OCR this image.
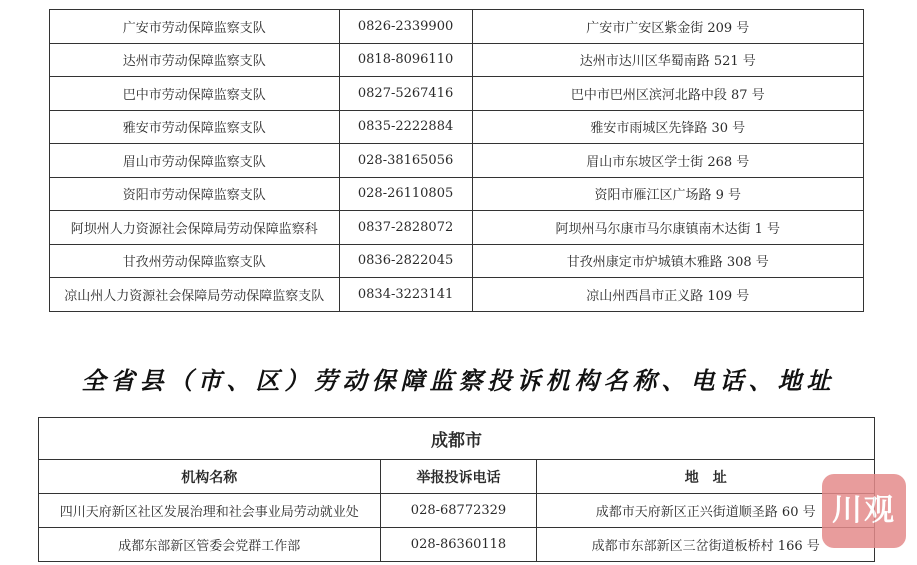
广安市劳动保障监察支队	0826-2339900	广安市广安区紫金街 209 号
达州市劳动保障监察支队	0818-8096110	达州市达川区华蜀南路 521 号
巴中市劳动保障监察支队	0827-5267416	巴中市巴州区滨河北路中段 87 号
雅安市劳动保障监察支队	0835-2222884	雅安市雨城区先锋路 30 号
眉山市劳动保障监察支队	028-38165056	眉山市东坡区学士街 268 号
资阳市劳动保障监察支队	028-26110805	资阳市雁江区广场路 9 号
阿坝州人力资源社会保障局劳动保障监察科	0837-2828072	阿坝州马尔康市马尔康镇南木达街 1 号
甘孜州劳动保障监察支队	0836-2822045	甘孜州康定市炉城镇木雅路 308 号
凉山州人力资源社会保障局劳动保障监察支队	0834-3223141	凉山州西昌市正义路 109 号
全省县（市、区）劳动保障监察投诉机构名称、电话、地址
成都市		
机构名称	举报投诉电话	地　址
四川天府新区社区发展治理和社会事业局劳动就业处	028-68772329	成都市天府新区正兴街道顺圣路 60 号
成都东部新区管委会党群工作部	028-86360118	成都市东部新区三岔街道板桥村 166 号
川观
